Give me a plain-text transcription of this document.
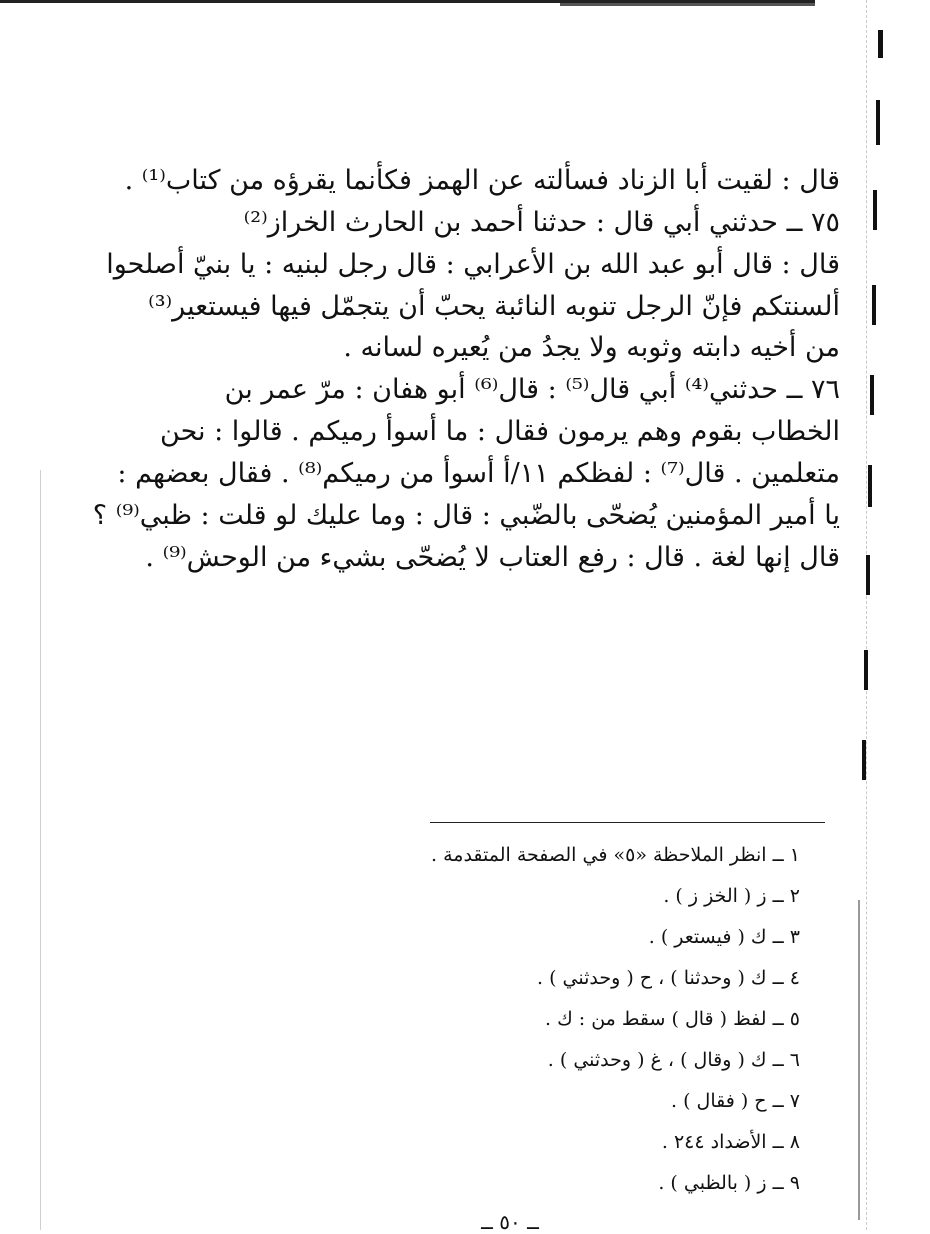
قال : لقيت أبا الزناد فسألته عن الهمز فكأنما يقرؤه من كتاب⁽¹⁾ .

٧٥ ــ حدثني أبي قال : حدثنا أحمد بن الحارث الخراز⁽²⁾
قال : قال أبو عبد الله بن الأعرابي : قال رجل لبنيه : يا بنيّ أصلحوا
ألسنتكم فإنّ الرجل تنوبه النائبة يحبّ أن يتجمّل فيها فيستعير⁽³⁾
من أخيه دابته وثوبه ولا يجدُ من يُعيره لسانه .

٧٦ ــ حدثني⁽⁴⁾ أبي قال⁽⁵⁾ : قال⁽⁶⁾ أبو هفان : مرّ عمر بن
الخطاب بقوم وهم يرمون فقال : ما أسوأ رميكم . قالوا : نحن
متعلمين . قال⁽⁷⁾ : لفظكم ١١/أ أسوأ من رميكم⁽⁸⁾ . فقال بعضهم :
يا أمير المؤمنين يُضحّى بالضّبي : قال : وما عليك لو قلت : ظبي⁽⁹⁾ ؟
قال إنها لغة . قال : رفع العتاب لا يُضحّى بشيء من الوحش⁽⁹⁾ .

١ ــ انظر الملاحظة «٥» في الصفحة المتقدمة .
٢ ــ ز ( الخز ز ) .
٣ ــ ك ( فيستعر ) .
٤ ــ ك ( وحدثنا ) ، ح ( وحدثني ) .
٥ ــ لفظ ( قال ) سقط من : ك .
٦ ــ ك ( وقال ) ، غ ( وحدثني ) .
٧ ــ ح ( فقال ) .
٨ ــ الأضداد ٢٤٤ .
٩ ــ ز ( بالظبي ) .
ــ ٥٠ ــ
